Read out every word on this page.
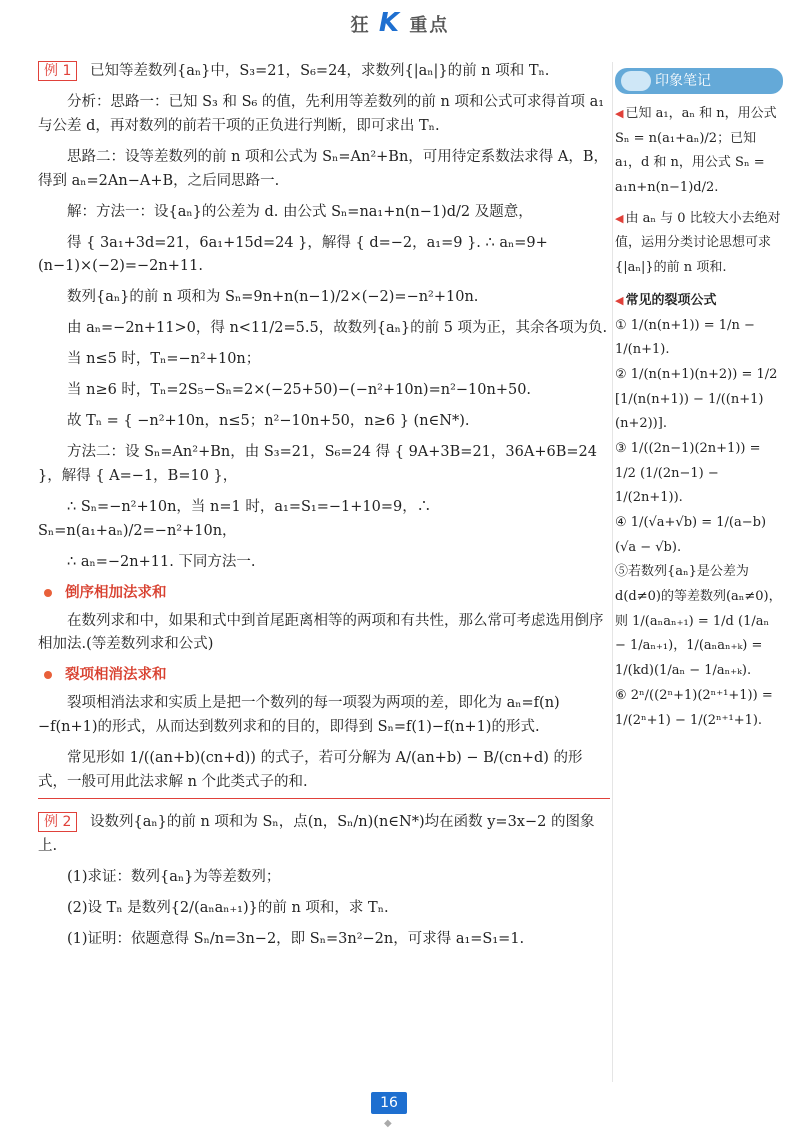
狂 K 重点

例 1 已知等差数列{aₙ}中，S₃=21，S₆=24，求数列{|aₙ|}的前 n 项和 Tₙ.

分析：思路一：已知 S₃ 和 S₆ 的值，先利用等差数列的前 n 项和公式可求得首项 a₁ 与公差 d，再对数列的前若干项的正负进行判断，即可求出 Tₙ.

思路二：设等差数列的前 n 项和公式为 Sₙ=An²+Bn，可用待定系数法求得 A，B，得到 aₙ=2An−A+B，之后同思路一.

解：方法一：设{aₙ}的公差为 d. 由公式 Sₙ=na₁+n(n−1)d/2 及题意，

得 { 3a₁+3d=21，6a₁+15d=24 }，解得 { d=−2，a₁=9 }. ∴ aₙ=9+(n−1)×(−2)=−2n+11.

数列{aₙ}的前 n 项和为 Sₙ=9n+n(n−1)/2×(−2)=−n²+10n.

由 aₙ=−2n+11>0，得 n<11/2=5.5，故数列{aₙ}的前 5 项为正，其余各项为负.

当 n≤5 时，Tₙ=−n²+10n；

当 n≥6 时，Tₙ=2S₅−Sₙ=2×(−25+50)−(−n²+10n)=n²−10n+50.

故 Tₙ = { −n²+10n，n≤5；n²−10n+50，n≥6 } (n∈N*).

方法二：设 Sₙ=An²+Bn，由 S₃=21，S₆=24 得 { 9A+3B=21，36A+6B=24 }，解得 { A=−1，B=10 }，

∴ Sₙ=−n²+10n，当 n=1 时，a₁=S₁=−1+10=9，∴ Sₙ=n(a₁+aₙ)/2=−n²+10n，

∴ aₙ=−2n+11. 下同方法一.

倒序相加法求和

在数列求和中，如果和式中到首尾距离相等的两项和有共性，那么常可考虑选用倒序相加法.(等差数列求和公式)

裂项相消法求和

裂项相消法求和实质上是把一个数列的每一项裂为两项的差，即化为 aₙ=f(n)−f(n+1)的形式，从而达到数列求和的目的，即得到 Sₙ=f(1)−f(n+1)的形式.

常见形如 1/((an+b)(cn+d)) 的式子，若可分解为 A/(an+b) − B/(cn+d) 的形式，一般可用此法求解 n 个此类式子的和.

例 2 设数列{aₙ}的前 n 项和为 Sₙ，点(n，Sₙ/n)(n∈N*)均在函数 y=3x−2 的图象上.

(1)求证：数列{aₙ}为等差数列；

(2)设 Tₙ 是数列{2/(aₙaₙ₊₁)}的前 n 项和，求 Tₙ.

(1)证明：依题意得 Sₙ/n=3n−2，即 Sₙ=3n²−2n，可求得 a₁=S₁=1.

印象笔记
◀ 已知 a₁，aₙ 和 n，用公式 Sₙ = n(a₁+aₙ)/2；已知 a₁，d 和 n，用公式 Sₙ = a₁n+n(n−1)d/2.
◀ 由 aₙ 与 0 比较大小去绝对值，运用分类讨论思想可求{|aₙ|}的前 n 项和.
◀ 常见的裂项公式
① 1/(n(n+1)) = 1/n − 1/(n+1).
② 1/(n(n+1)(n+2)) = 1/2 [1/(n(n+1)) − 1/((n+1)(n+2))].
③ 1/((2n−1)(2n+1)) = 1/2 (1/(2n−1) − 1/(2n+1)).
④ 1/(√a+√b) = 1/(a−b) (√a − √b).
⑤若数列{aₙ}是公差为 d(d≠0)的等差数列(aₙ≠0)，则 1/(aₙaₙ₊₁) = 1/d (1/aₙ − 1/aₙ₊₁)，1/(aₙaₙ₊ₖ) = 1/(kd)(1/aₙ − 1/aₙ₊ₖ).
⑥ 2ⁿ/((2ⁿ+1)(2ⁿ⁺¹+1)) = 1/(2ⁿ+1) − 1/(2ⁿ⁺¹+1).
16
◆
